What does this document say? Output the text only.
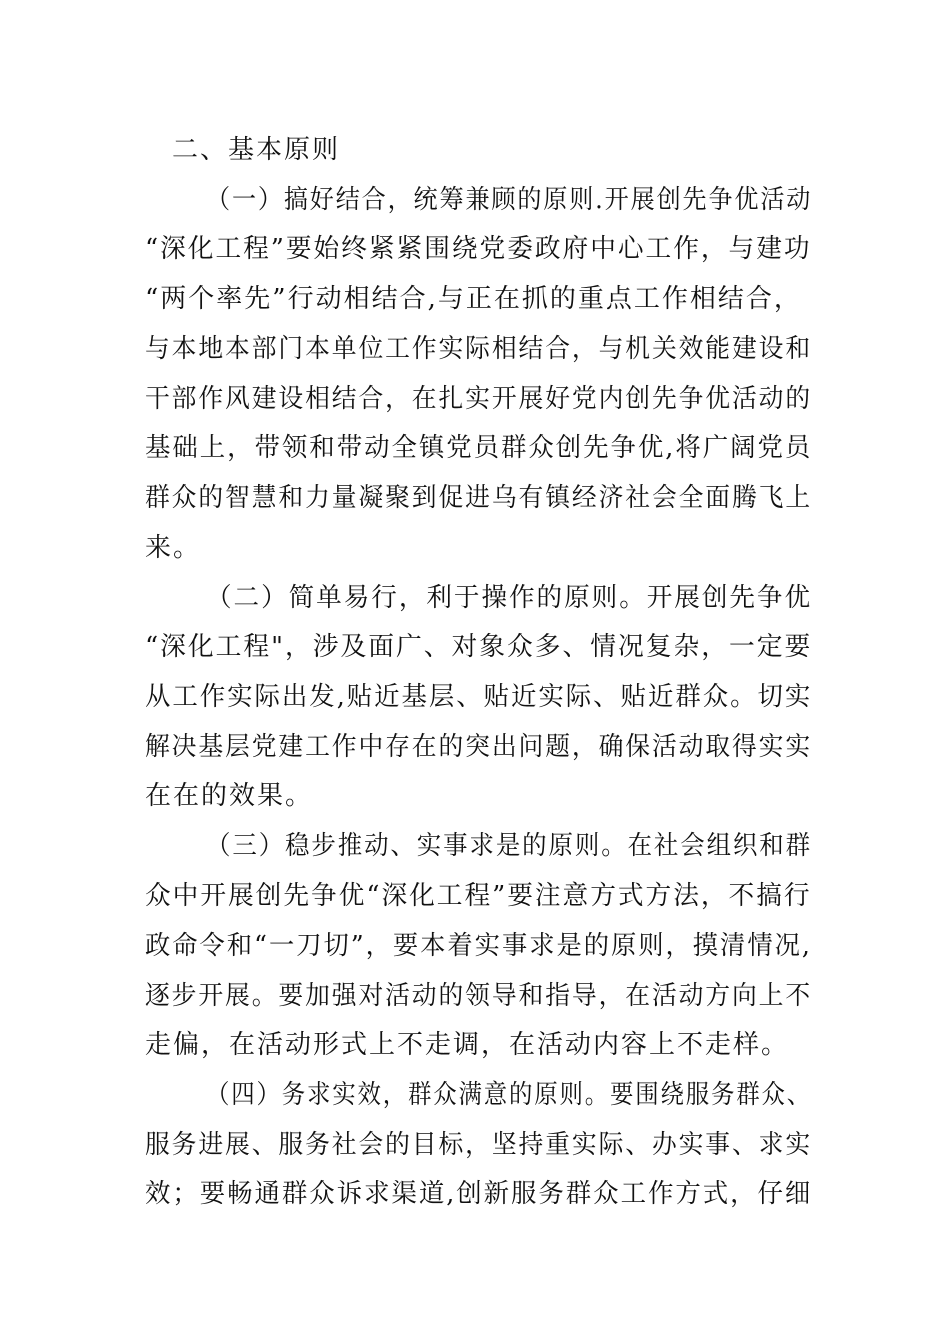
二、基本原则
（一）搞好结合，统筹兼顾的原则.开展创先争优活动
“深化工程”要始终紧紧围绕党委政府中心工作，与建功
“两个率先”行动相结合,与正在抓的重点工作相结合，
与本地本部门本单位工作实际相结合，与机关效能建设和
干部作风建设相结合，在扎实开展好党内创先争优活动的
基础上，带领和带动全镇党员群众创先争优,将广阔党员
群众的智慧和力量凝聚到促进乌有镇经济社会全面腾飞上
来。
（二）简单易行，利于操作的原则。开展创先争优
“深化工程"，涉及面广、对象众多、情况复杂，一定要
从工作实际出发,贴近基层、贴近实际、贴近群众。切实
解决基层党建工作中存在的突出问题，确保活动取得实实
在在的效果。
（三）稳步推动、实事求是的原则。在社会组织和群
众中开展创先争优“深化工程”要注意方式方法，不搞行
政命令和“一刀切”，要本着实事求是的原则，摸清情况,
逐步开展。要加强对活动的领导和指导，在活动方向上不
走偏，在活动形式上不走调，在活动内容上不走样。
（四）务求实效，群众满意的原则。要围绕服务群众、
服务进展、服务社会的目标，坚持重实际、办实事、求实
效；要畅通群众诉求渠道,创新服务群众工作方式，仔细
